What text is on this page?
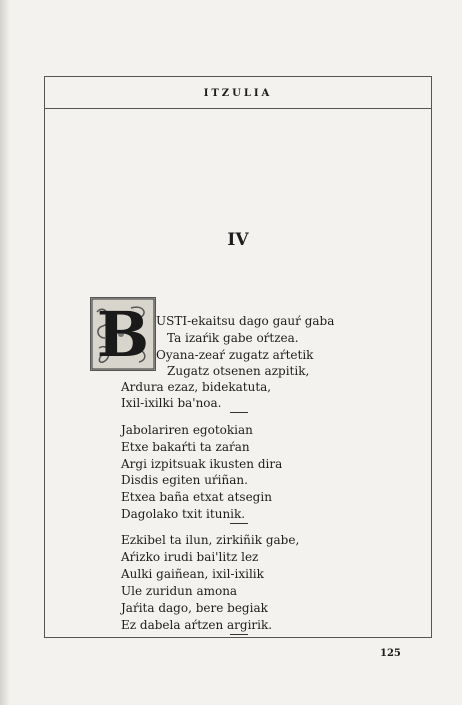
ITZULIA
IV
B USTI-ekaitsu dago gauŕ gaba
Ta izaŕik gabe oŕtzea.
Oyana-zeaŕ zugatz aŕtetik
Zugatz otsenen azpitik,
Ardura ezaz, bidekatuta,
Ixil-ixilki ba'noa.
Jabolariren egotokian
Etxe bakaŕti ta zaŕan
Argi izpitsuak ikusten dira
Disdis egiten uŕiñan.
Etxea baña etxat atsegin
Dagolako txit itunik.
Ezkibel ta ilun, zirkiñik gabe,
Aŕizko irudi bai'litz lez
Aulki gaiñean, ixil-ixilik
Ule zuridun amona
Jaŕita dago, bere begiak
Ez dabela aŕtzen argirik.
125
